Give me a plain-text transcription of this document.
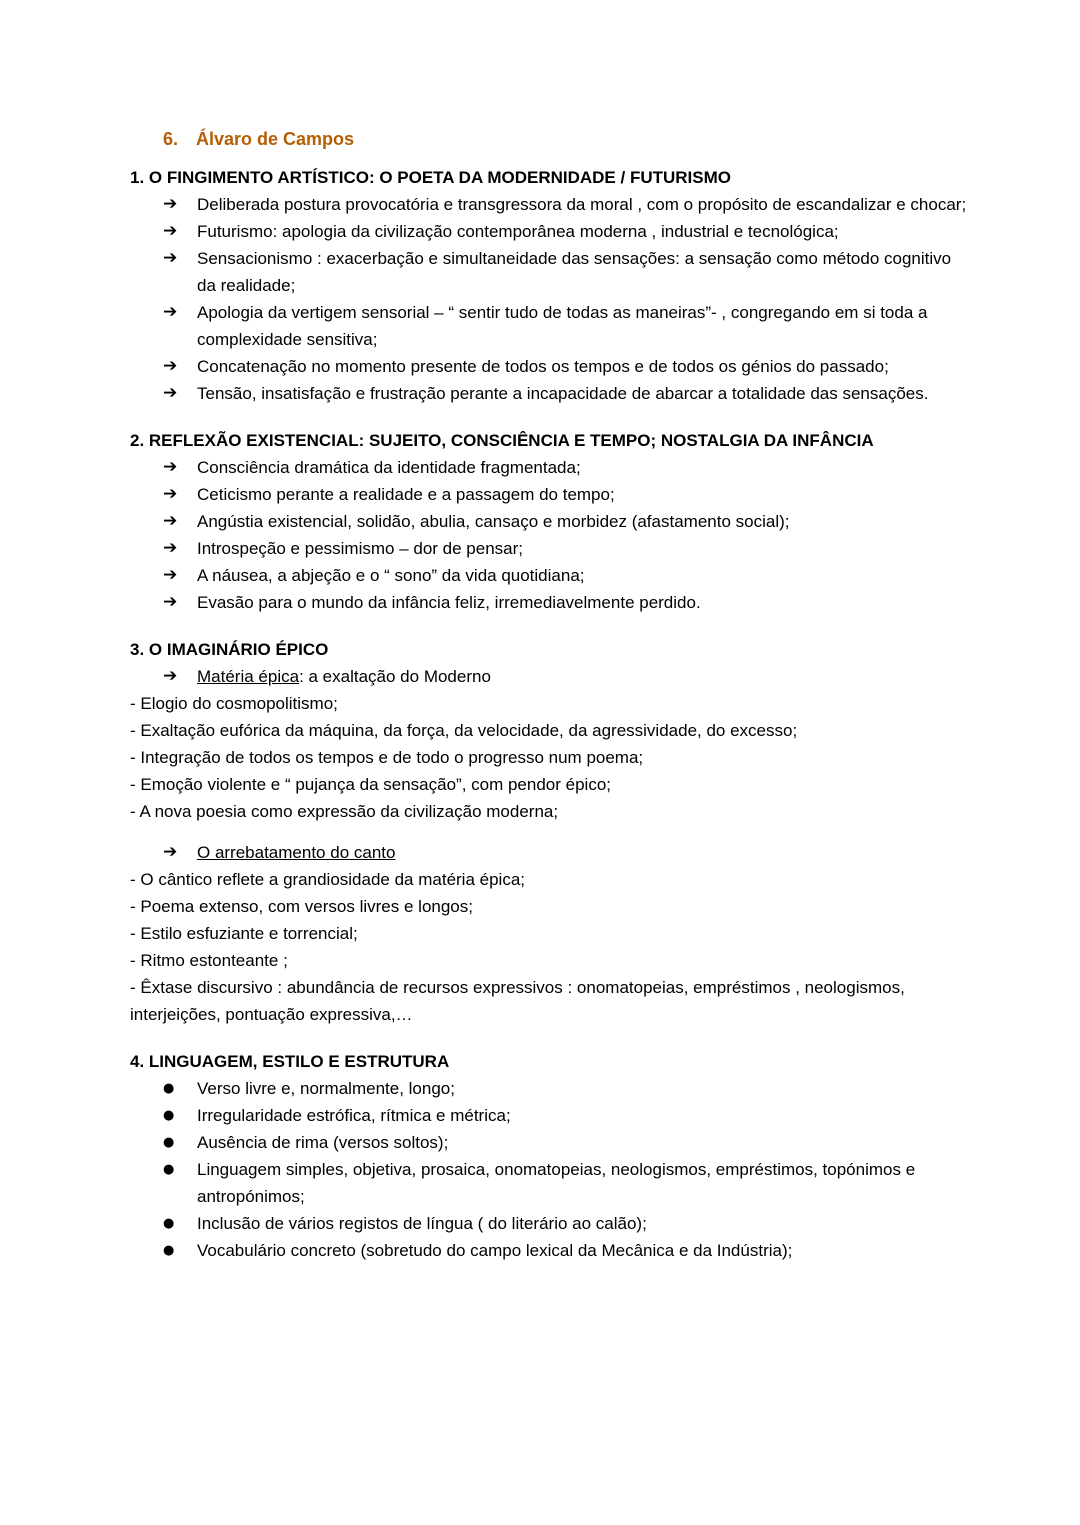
6. Álvaro de Campos
1. O FINGIMENTO ARTÍSTICO: O POETA DA MODERNIDADE / FUTURISMO
➔	Deliberada postura provocatória e transgressora da moral , com o propósito de escandalizar e chocar;
➔	Futurismo: apologia da civilização contemporânea moderna , industrial e tecnológica;
➔	Sensacionismo : exacerbação e simultaneidade das sensações: a sensação como método cognitivo da realidade;
➔	Apologia da vertigem sensorial – “ sentir tudo de todas as maneiras”- , congregando em si toda a complexidade sensitiva;
➔	Concatenação no momento presente de todos os tempos e de todos os génios do passado;
➔	Tensão, insatisfação e frustração perante a incapacidade de abarcar a totalidade das sensações.
2. REFLEXÃO EXISTENCIAL: SUJEITO, CONSCIÊNCIA E TEMPO; NOSTALGIA DA INFÂNCIA
➔	Consciência dramática da identidade fragmentada;
➔	Ceticismo perante a realidade e a passagem do tempo;
➔	Angústia existencial, solidão, abulia, cansaço e morbidez (afastamento social);
➔	Introspeção e pessimismo – dor de pensar;
➔	A náusea, a abjeção e o “ sono” da vida quotidiana;
➔	Evasão para o mundo da infância feliz, irremediavelmente perdido.
3. O IMAGINÁRIO ÉPICO
➔	Matéria épica: a exaltação do Moderno
- Elogio do cosmopolitismo;
- Exaltação eufórica da máquina, da força, da velocidade, da agressividade, do excesso;
- Integração de todos os tempos e de todo o progresso num poema;
- Emoção violente e “ pujança da sensação”, com pendor épico;
- A nova poesia como expressão da civilização moderna;
➔	O arrebatamento do canto
- O cântico reflete a grandiosidade da matéria épica;
- Poema extenso, com versos livres e longos;
- Estilo esfuziante e torrencial;
- Ritmo estonteante ;
- Êxtase discursivo : abundância de recursos expressivos : onomatopeias, empréstimos , neologismos, interjeições, pontuação expressiva,…
4. LINGUAGEM, ESTILO E ESTRUTURA
●	Verso livre e, normalmente, longo;
●	Irregularidade estrófica, rítmica e métrica;
●	Ausência de rima (versos soltos);
●	Linguagem simples, objetiva, prosaica, onomatopeias, neologismos, empréstimos, topónimos e antropónimos;
●	Inclusão de vários registos de língua ( do literário ao calão);
●	Vocabulário concreto (sobretudo do campo lexical da Mecânica e da Indústria);
